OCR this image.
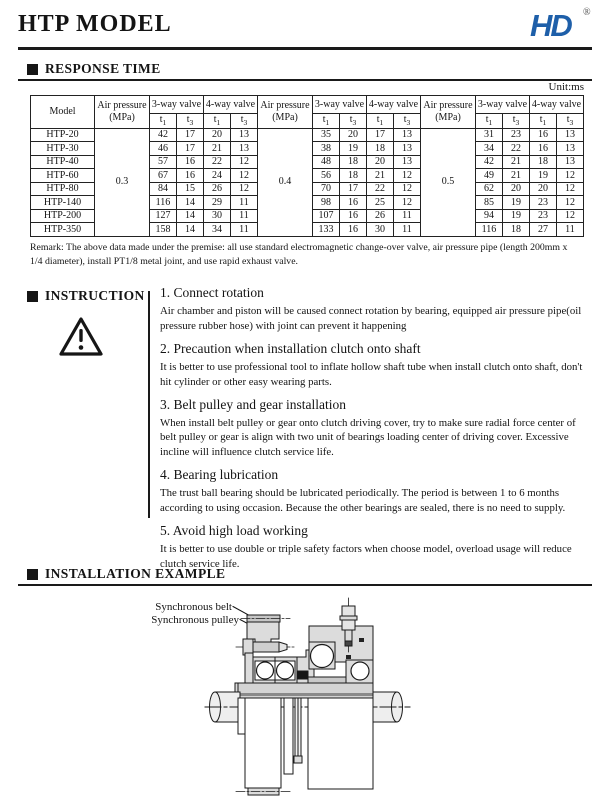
HTP MODEL	HD ®
RESPONSE TIME
Unit:ms
Model	Air pressure (MPa)	3-way valve		4-way valve		Air pressure (MPa)	3-way valve		4-way valve		Air pressure (MPa)	3-way valve		4-way valve	
		$t_1$	$t_3$	$t_1$	$t_3$		$t_1$	$t_3$	$t_1$	$t_3$		$t_1$	$t_3$	$t_1$	$t_3$
HTP-20	0.3	42	17	20	13	0.4	35	20	17	13	0.5	31	23	16	13
HTP-30		46	17	21	13		38	19	18	13		34	22	16	13
HTP-40		57	16	22	12		48	18	20	13		42	21	18	13
HTP-60		67	16	24	12		56	18	21	12		49	21	19	12
HTP-80		84	15	26	12		70	17	22	12		62	20	20	12
HTP-140		116	14	29	11		98	16	25	12		85	19	23	12
HTP-200		127	14	30	11		107	16	26	11		94	19	23	12
HTP-350		158	14	34	11		133	16	30	11		116	18	27	11
Remark: The above data made under the premise: all use standard electromagnetic change-over valve, air pressure pipe (length 200mm x 1/4 diameter), install PT1/8 metal joint, and use rapid exhaust valve.
INSTRUCTION 1. Connect rotation

Air chamber and piston will be caused connect rotation by bearing, equipped air pressure pipe(oil pressure rubber hose) with joint can prevent it happening

2. Precaution when installation clutch onto shaft

It is better to use professional tool to inflate hollow shaft tube when install clutch onto shaft, don't hit cylinder or other easy wearing parts.

3. Belt pulley and gear installation

When install belt pulley or gear onto clutch driving cover, try to make sure radial force center of belt pulley or gear is align with two unit of bearings loading center of driving cover. Excessive incline will influence clutch service life.

4. Bearing lubrication

The trust ball bearing should be lubricated periodically. The period is between 1 to 6 months according to using occasion. Because the other bearings are sealed, there is no need to supply.

5. Avoid high load working

It is better to use double or triple safety factors when choose model, overload usage will reduce clutch service life.

INSTALLATION EXAMPLE
Synchronous belt
Synchronous pulley
